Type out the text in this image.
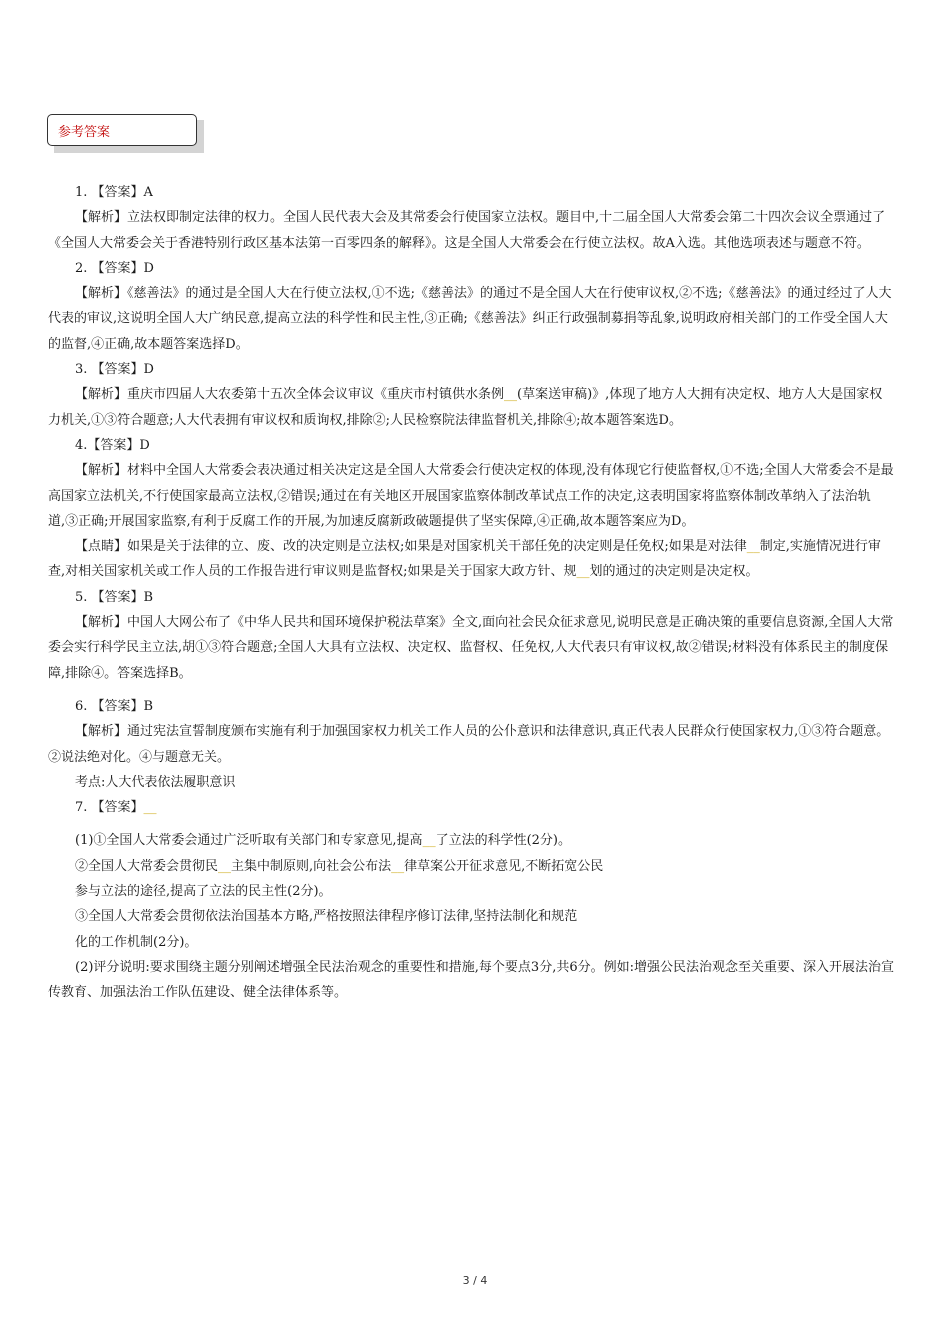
参考答案

1. 【答案】A

【解析】立法权即制定法律的权力。全国人民代表大会及其常委会行使国家立法权。题目中,十二届全国人大常委会第二十四次会议全票通过了《全国人大常委会关于香港特别行政区基本法第一百零四条的解释》。这是全国人大常委会在行使立法权。故A入选。其他选项表述与题意不符。

2. 【答案】D

【解析】《慈善法》的通过是全国人大在行使立法权,①不选;《慈善法》的通过不是全国人大在行使审议权,②不选;《慈善法》的通过经过了人大代表的审议,这说明全国人大广纳民意,提高立法的科学性和民主性,③正确;《慈善法》纠正行政强制募捐等乱象,说明政府相关部门的工作受全国人大的监督,④正确,故本题答案选择D。

3. 【答案】D

【解析】重庆市四届人大农委第十五次全体会议审议《重庆市村镇供水条例__(草案送审稿)》,体现了地方人大拥有决定权、地方人大是国家权力机关,①③符合题意;人大代表拥有审议权和质询权,排除②;人民检察院法律监督机关,排除④;故本题答案选D。

4.【答案】D

【解析】材料中全国人大常委会表决通过相关决定这是全国人大常委会行使决定权的体现,没有体现它行使监督权,①不选;全国人大常委会不是最高国家立法机关,不行使国家最高立法权,②错误;通过在有关地区开展国家监察体制改革试点工作的决定,这表明国家将监察体制改革纳入了法治轨道,③正确;开展国家监察,有利于反腐工作的开展,为加速反腐新政破题提供了坚实保障,④正确,故本题答案应为D。

【点睛】如果是关于法律的立、废、改的决定则是立法权;如果是对国家机关干部任免的决定则是任免权;如果是对法律__制定,实施情况进行审查,对相关国家机关或工作人员的工作报告进行审议则是监督权;如果是关于国家大政方针、规__划的通过的决定则是决定权。

5. 【答案】B

【解析】中国人大网公布了《中华人民共和国环境保护税法草案》全文,面向社会民众征求意见,说明民意是正确决策的重要信息资源,全国人大常委会实行科学民主立法,胡①③符合题意;全国人大具有立法权、决定权、监督权、任免权,人大代表只有审议权,故②错误;材料没有体系民主的制度保障,排除④。答案选择B。

6. 【答案】B

【解析】通过宪法宣誓制度颁布实施有利于加强国家权力机关工作人员的公仆意识和法律意识,真正代表人民群众行使国家权力,①③符合题意。②说法绝对化。④与题意无关。

考点:人大代表依法履职意识

7. 【答案】__

(1)①全国人大常委会通过广泛听取有关部门和专家意见,提高__了立法的科学性(2分)。

②全国人大常委会贯彻民__主集中制原则,向社会公布法__律草案公开征求意见,不断拓宽公民

参与立法的途径,提高了立法的民主性(2分)。

③全国人大常委会贯彻依法治国基本方略,严格按照法律程序修订法律,坚持法制化和规范

化的工作机制(2分)。

(2)评分说明:要求围绕主题分别阐述增强全民法治观念的重要性和措施,每个要点3分,共6分。例如:增强公民法治观念至关重要、深入开展法治宣传教育、加强法治工作队伍建设、健全法律体系等。

3 / 4
